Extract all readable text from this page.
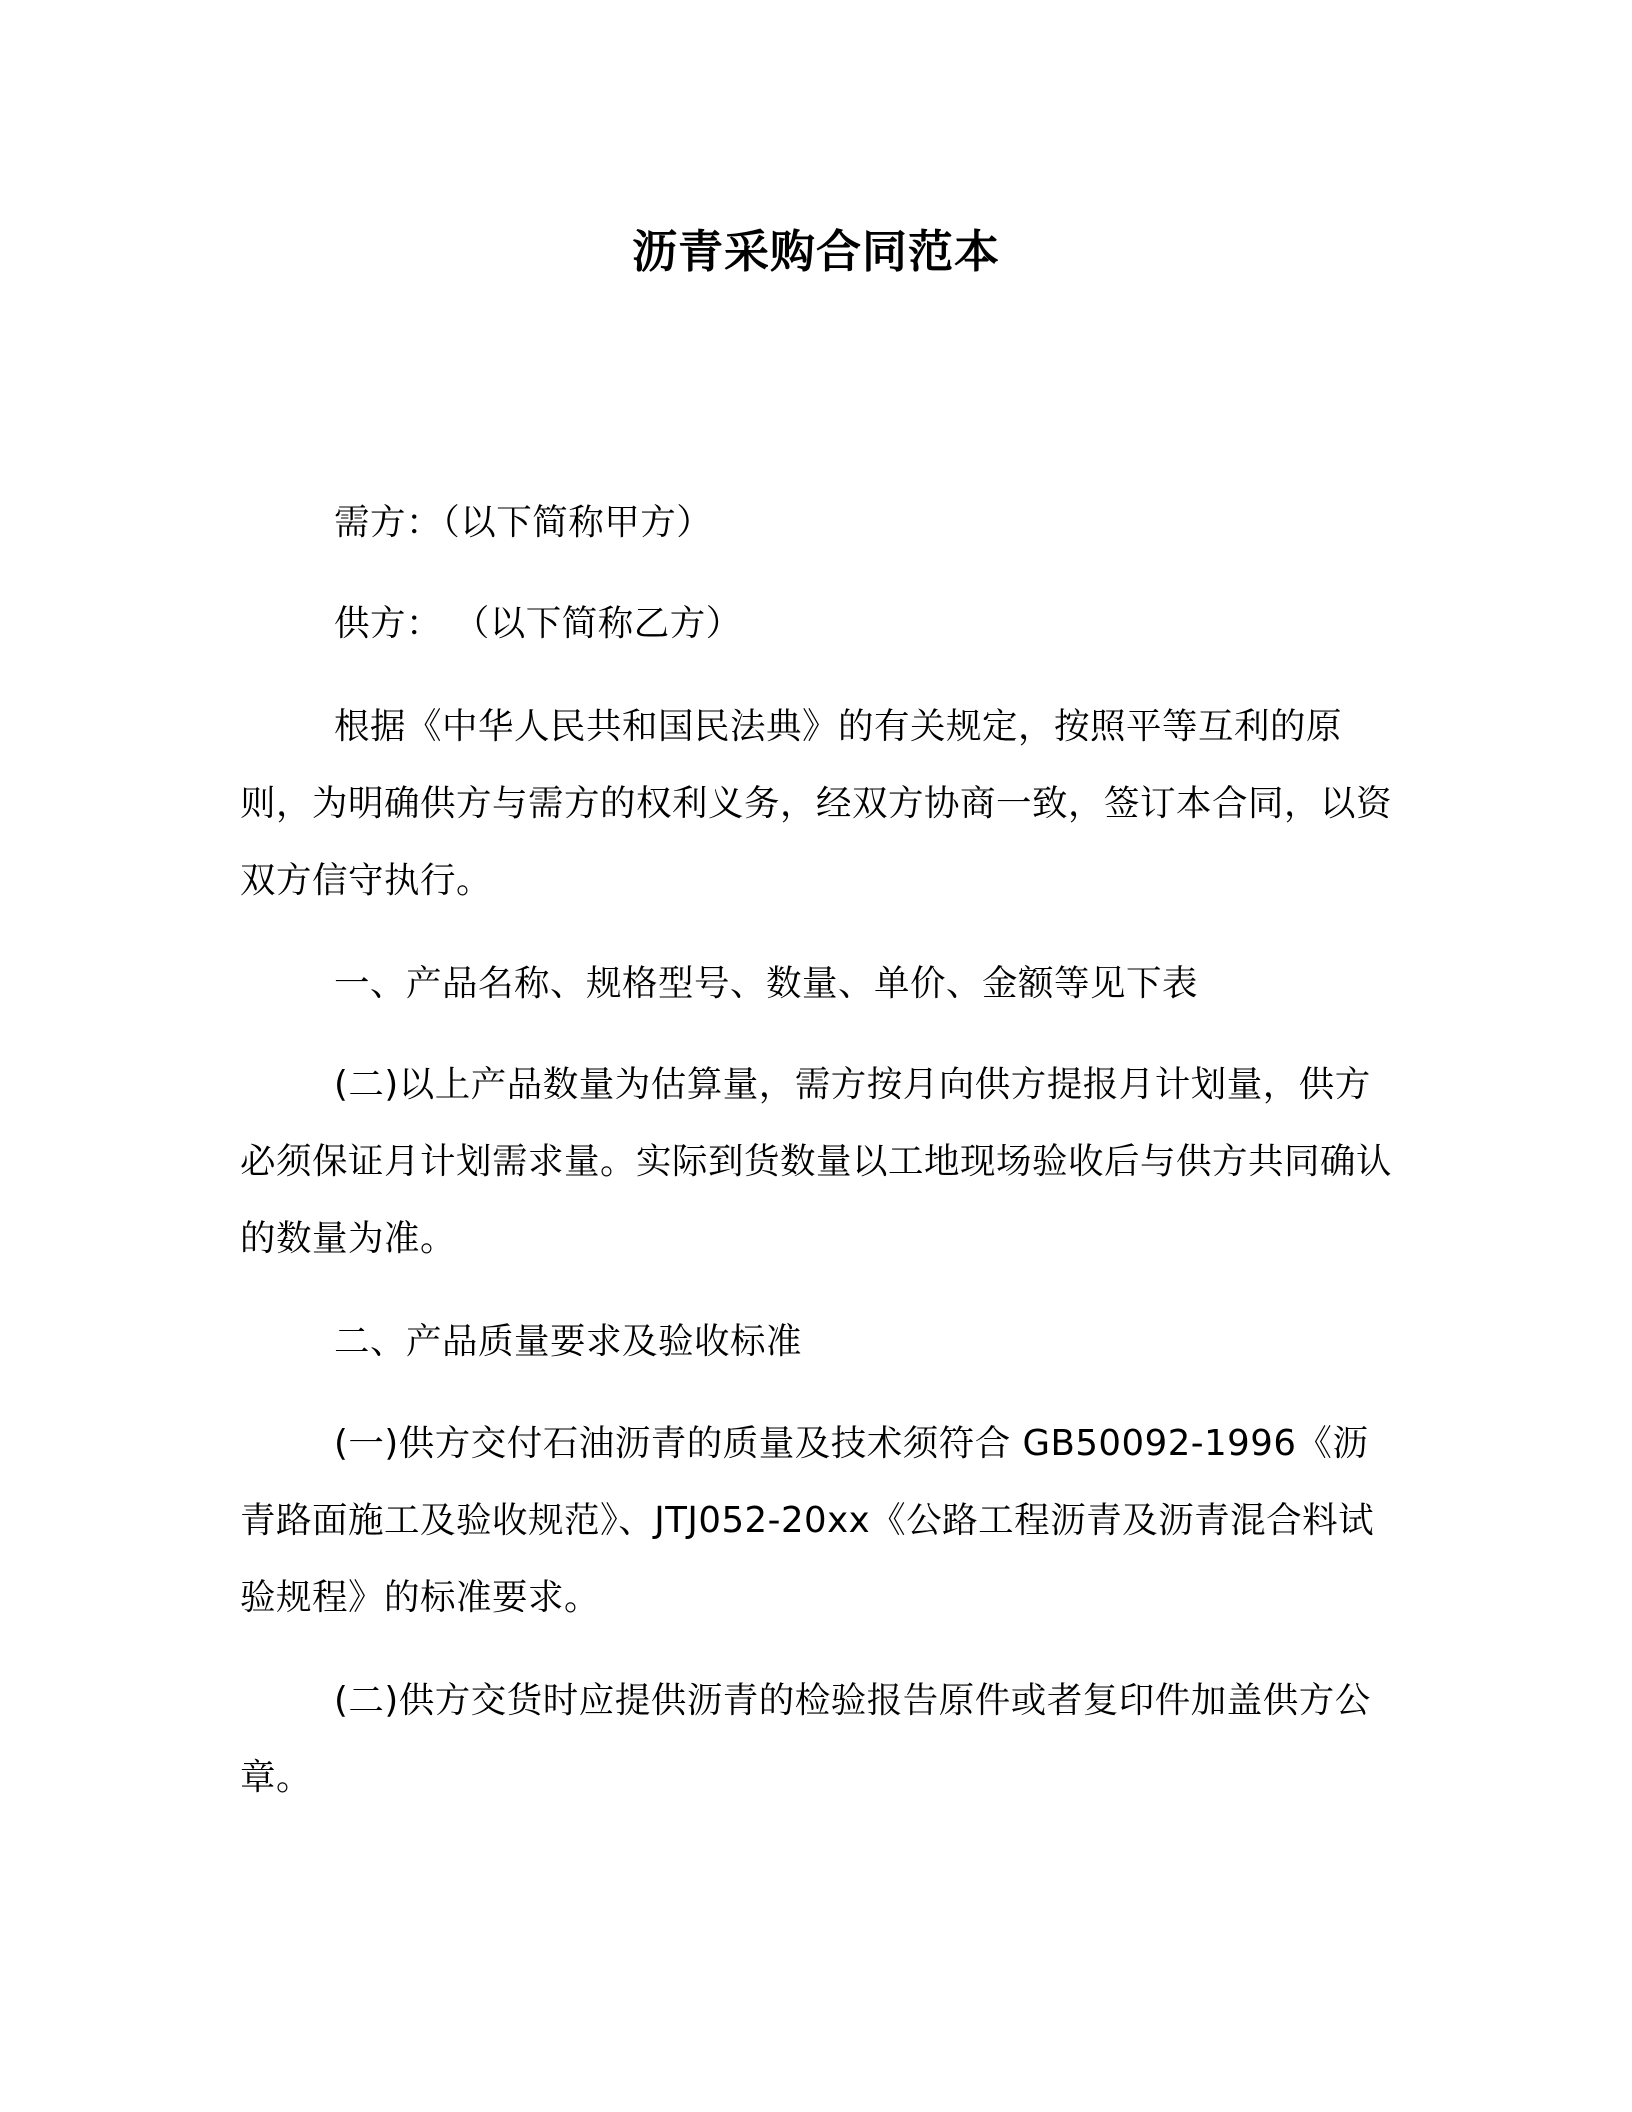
沥青采购合同范本

需方：（以下简称甲方）

供方： （以下简称乙方）

根据《中华人民共和国民法典》的有关规定，按照平等互利的原则，为明确供方与需方的权利义务，经双方协商一致，签订本合同，以资双方信守执行。

一、产品名称、规格型号、数量、单价、金额等见下表

(二)以上产品数量为估算量，需方按月向供方提报月计划量，供方必须保证月计划需求量。实际到货数量以工地现场验收后与供方共同确认的数量为准。

二、产品质量要求及验收标准

(一)供方交付石油沥青的质量及技术须符合 GB50092-1996《沥青路面施工及验收规范》、JTJ052-20xx《公路工程沥青及沥青混合料试验规程》的标准要求。

(二)供方交货时应提供沥青的检验报告原件或者复印件加盖供方公章。
